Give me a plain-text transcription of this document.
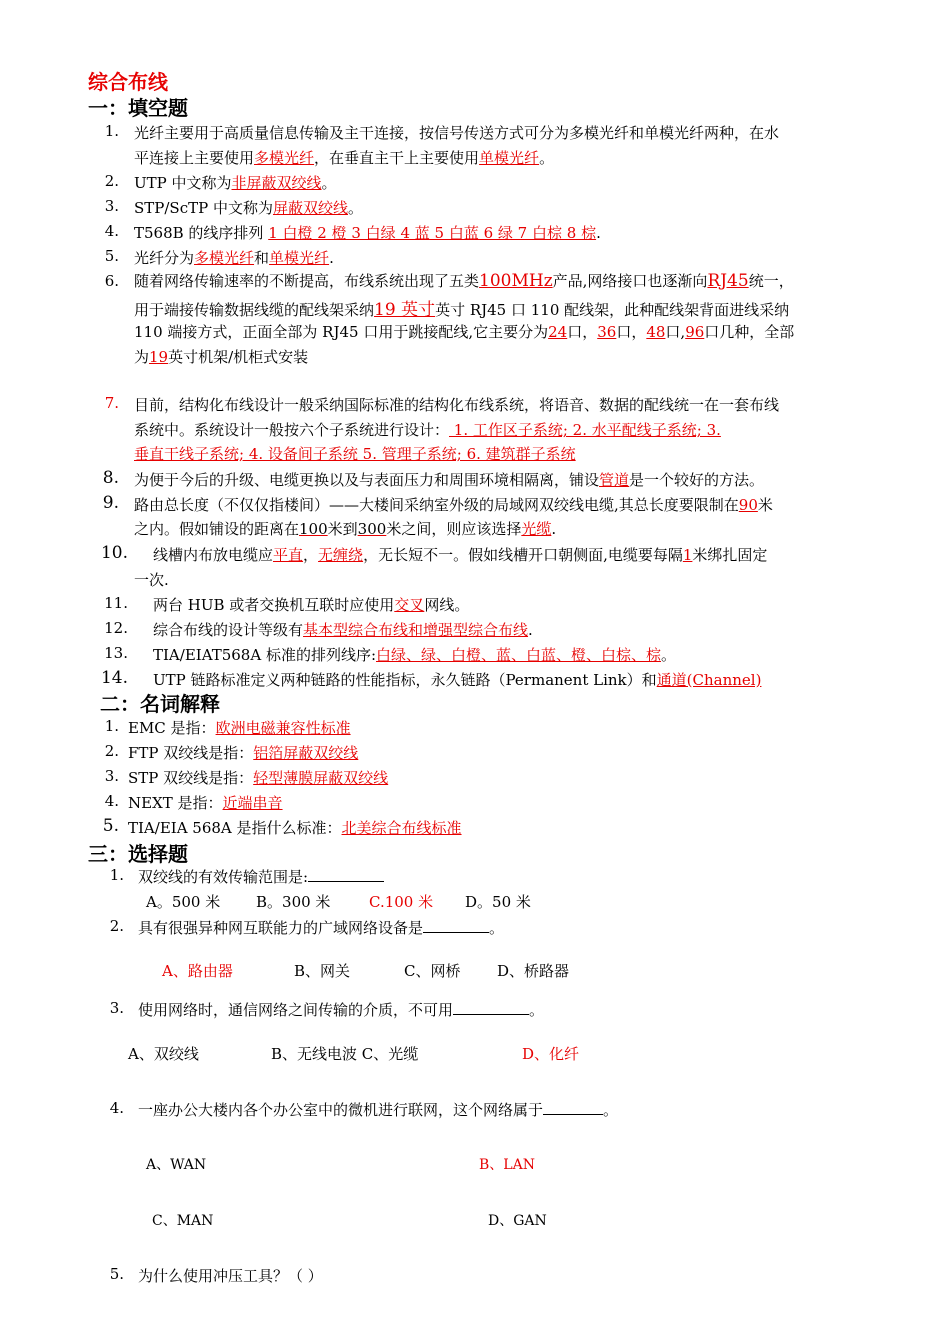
综合布线
一：填空题
1. 光纤主要用于高质量信息传输及主干连接，按信号传送方式可分为多模光纤和单模光纤两种，在水
平连接上主要使用多模光纤，在垂直主干上主要使用单模光纤。
2. UTP 中文称为非屏蔽双绞线。
3. STP/ScTP 中文称为屏蔽双绞线。
4. T568B 的线序排列 1 白橙 2 橙 3 白绿 4 蓝 5 白蓝 6 绿 7 白棕 8 棕.
5. 光纤分为多模光纤和单模光纤.
6. 随着网络传输速率的不断提高，布线系统出现了五类100MHz产品,网络接口也逐渐向RJ45统一，
用于端接传输数据线缆的配线架采纳19 英寸英寸 RJ45 口 110 配线架，此种配线架背面进线采纳
110 端接方式，正面全部为 RJ45 口用于跳接配线,它主要分为24口，36口，48口,96口几种，全部
为19英寸机架/机柜式安装
7. 目前，结构化布线设计一般采纳国际标准的结构化布线系统，将语音、数据的配线统一在一套布线
系统中。系统设计一般按六个子系统进行设计： 1. 工作区子系统; 2. 水平配线子系统; 3.
垂直干线子系统; 4. 设备间子系统 5. 管理子系统; 6. 建筑群子系统
8. 为便于今后的升级、电缆更换以及与表面压力和周围环境相隔离，铺设管道是一个较好的方法。
9. 路由总长度（不仅仅指楼间）——大楼间采纳室外级的局域网双绞线电缆,其总长度要限制在90米
之内。假如铺设的距离在100米到300米之间，则应该选择光缆.
10. 线槽内布放电缆应平直，无缠绕，无长短不一。假如线槽开口朝侧面,电缆要每隔1米绑扎固定
一次.
11. 两台 HUB 或者交换机互联时应使用交叉网线。
12. 综合布线的设计等级有基本型综合布线和增强型综合布线.
13. TIA/EIAT568A 标准的排列线序:白绿、绿、白橙、蓝、白蓝、橙、白棕、棕。
14. UTP 链路标准定义两种链路的性能指标，永久链路（Permanent Link）和通道(Channel)
二：名词解释
1. EMC 是指：欧洲电磁兼容性标准
2. FTP 双绞线是指：铝箔屏蔽双绞线
3. STP 双绞线是指：轻型薄膜屏蔽双绞线
4. NEXT 是指：近端串音
5. TIA/EIA 568A 是指什么标准：北美综合布线标准
三：选择题
1. 双绞线的有效传输范围是:
A。500 米 B。300 米	C.100 米 D。50 米
2. 具有很强异种网互联能力的广域网络设备是	。
A、路由器	B、网关	C、网桥 D、桥路器
3. 使用网络时，通信网络之间传输的介质，不可用	。
A、双绞线	B、无线电波 C、光缆	D、化纤
4. 一座办公大楼内各个办公室中的微机进行联网，这个网络属于	。
A、WAN	B、LAN
C、MAN	D、GAN
5. 为什么使用冲压工具？（ ）
